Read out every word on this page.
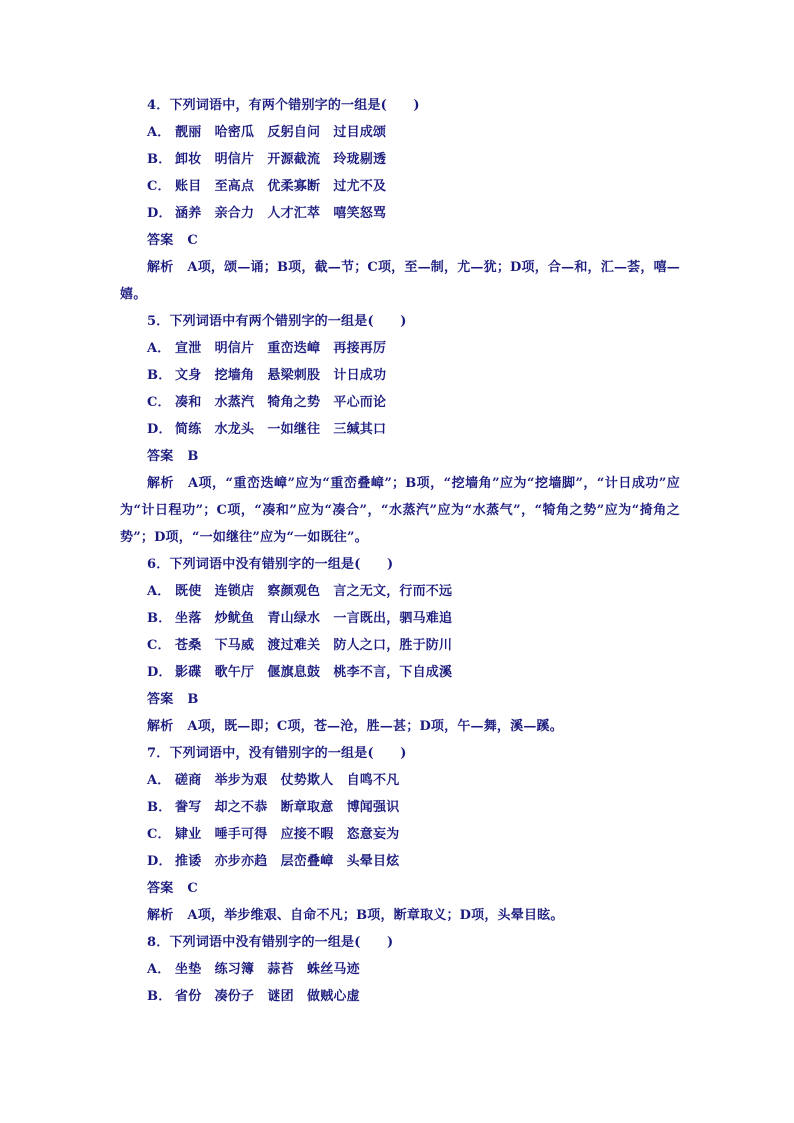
4．下列词语中，有两个错别字的一组是(　　)
A． 靓丽　哈密瓜　反躬自问　过目成颂
B． 卸妆　明信片　开源截流　玲珑剔透
C． 账目　至高点　优柔寡断　过尤不及
D． 涵养　亲合力　人才汇萃　嘻笑怒骂
答案 C
解析 A项，颂—诵；B项，截—节；C项，至—制，尤—犹；D项，合—和，汇—荟，嘻—嬉。
5．下列词语中有两个错别字的一组是(　　)
A． 宣泄　明信片　重峦迭嶂　再接再厉
B． 文身　挖墙角　悬梁刺股　计日成功
C． 凑和　水蒸汽　犄角之势　平心而论
D． 简练　水龙头　一如继往　三缄其口
答案 B
解析 A项，“重峦迭嶂”应为“重峦叠嶂”；B项，“挖墙角”应为“挖墙脚”，“计日成功”应为“计日程功”；C项，“凑和”应为“凑合”，“水蒸汽”应为“水蒸气”，“犄角之势”应为“掎角之势”；D项，“一如继往”应为“一如既往”。
6．下列词语中没有错别字的一组是(　　)
A． 既使　连锁店　察颜观色　言之无文，行而不远
B． 坐落　炒鱿鱼　青山绿水　一言既出，驷马难追
C． 苍桑　下马威　渡过难关　防人之口，胜于防川
D． 影碟　歌午厅　偃旗息鼓　桃李不言，下自成溪
答案 B
解析 A项，既—即；C项，苍—沧，胜—甚；D项，午—舞，溪—蹊。
7．下列词语中，没有错别字的一组是(　　)
A． 磋商　举步为艰　仗势欺人　自鸣不凡
B． 誊写　却之不恭　断章取意　博闻强识
C． 肄业　唾手可得　应接不暇　恣意妄为
D． 推诿　亦步亦趋　层峦叠嶂　头晕目炫
答案 C
解析 A项，举步维艰、自命不凡；B项，断章取义；D项，头晕目眩。
8．下列词语中没有错别字的一组是(　　)
A． 坐垫　练习簿　蒜苔　蛛丝马迹
B． 省份　凑份子　谜团　做贼心虚
